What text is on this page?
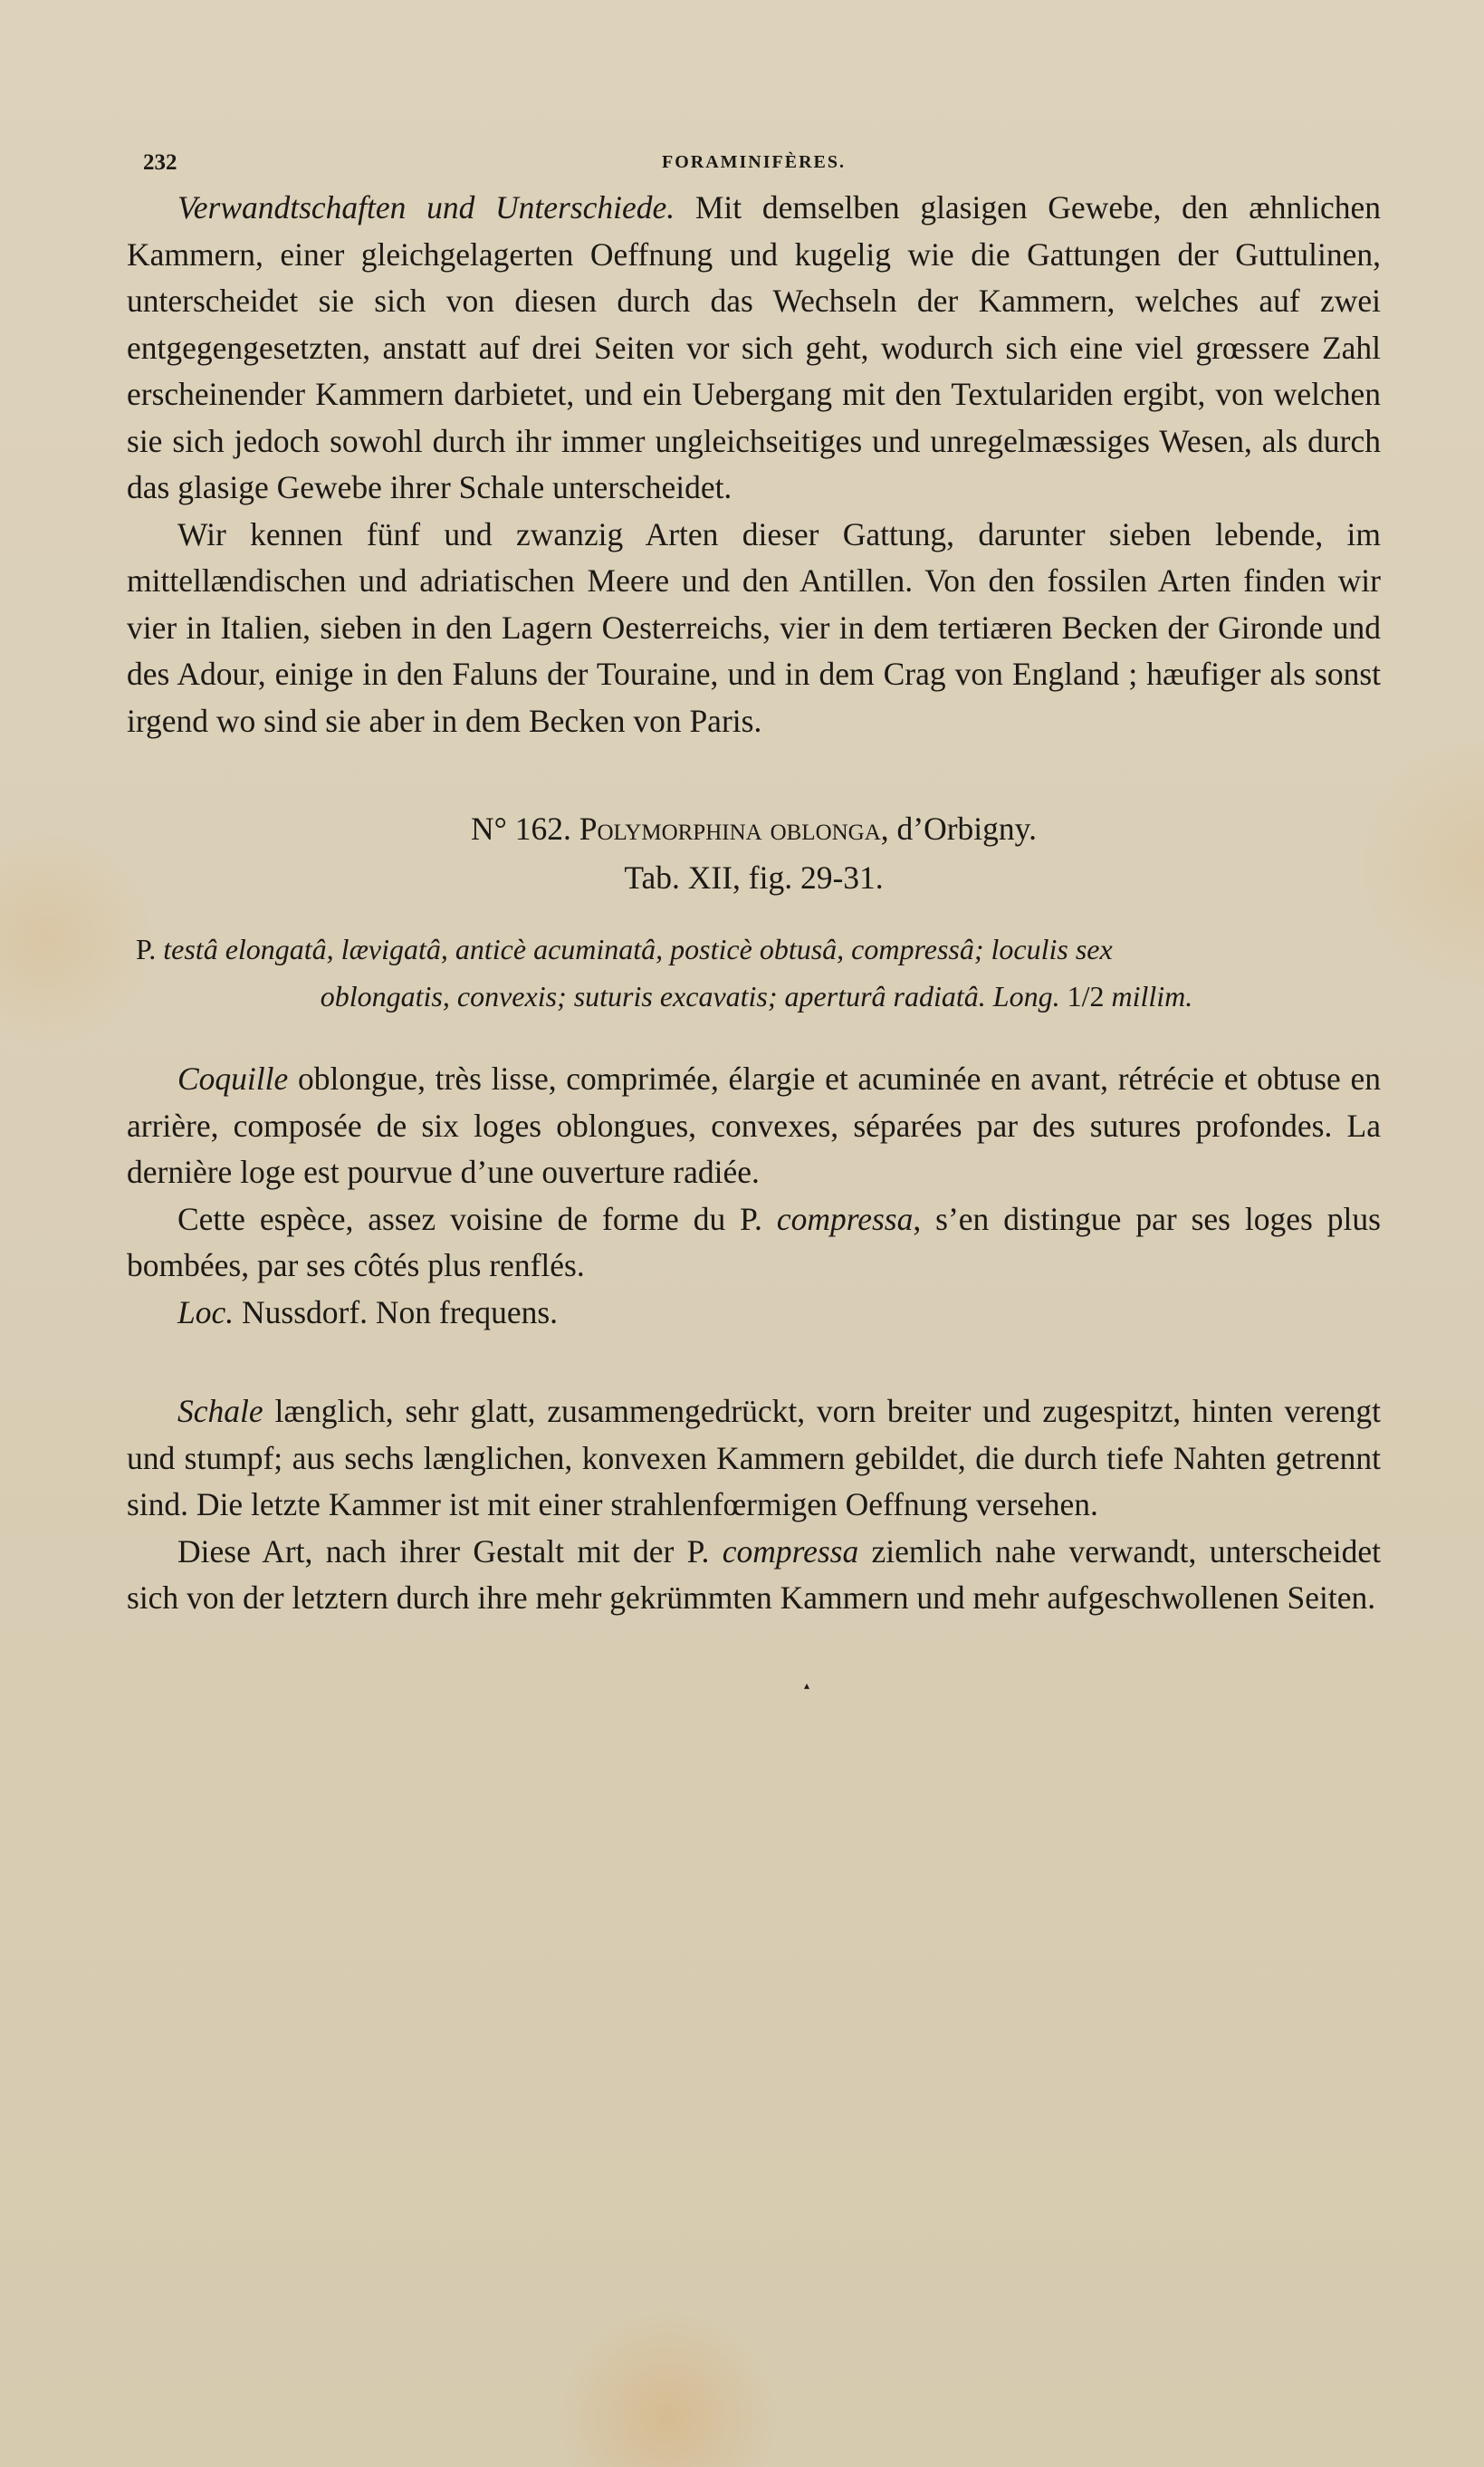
232	FORAMINIFÈRES.

Verwandtschaften und Unterschiede. Mit demselben glasigen Gewebe, den æhnlichen Kammern, einer gleichgelagerten Oeffnung und kugelig wie die Gattungen der Guttulinen, unterscheidet sie sich von diesen durch das Wechseln der Kammern, welches auf zwei entgegengesetzten, anstatt auf drei Seiten vor sich geht, wodurch sich eine viel grœssere Zahl erscheinender Kammern darbietet, und ein Uebergang mit den Textulariden ergibt, von welchen sie sich jedoch sowohl durch ihr immer ungleichseitiges und unregelmæssiges Wesen, als durch das glasige Gewebe ihrer Schale unterscheidet.

Wir kennen fünf und zwanzig Arten dieser Gattung, darunter sieben lebende, im mittellændischen und adriatischen Meere und den Antillen. Von den fossilen Arten finden wir vier in Italien, sieben in den Lagern Oesterreichs, vier in dem tertiæren Becken der Gironde und des Adour, einige in den Faluns der Touraine, und in dem Crag von England ; hæufiger als sonst irgend wo sind sie aber in dem Becken von Paris.

N° 162. Polymorphina oblonga, d’Orbigny.
Tab. XII, fig. 29-31.
P. testâ elongatâ, lævigatâ, anticè acuminatâ, posticè obtusâ, compressâ; loculis sex
oblongatis, convexis; suturis excavatis; aperturâ radiatâ. Long. 1/2 millim.

Coquille oblongue, très lisse, comprimée, élargie et acuminée en avant, rétrécie et obtuse en arrière, composée de six loges oblongues, convexes, séparées par des sutures profondes. La dernière loge est pourvue d’une ouverture radiée.

Cette espèce, assez voisine de forme du P. compressa, s’en distingue par ses loges plus bombées, par ses côtés plus renflés.

Loc. Nussdorf. Non frequens.

Schale længlich, sehr glatt, zusammengedrückt, vorn breiter und zugespitzt, hinten verengt und stumpf; aus sechs længlichen, konvexen Kammern gebildet, die durch tiefe Nahten getrennt sind. Die letzte Kammer ist mit einer strahlenfœrmigen Oeffnung versehen.

Diese Art, nach ihrer Gestalt mit der P. compressa ziemlich nahe verwandt, unterscheidet sich von der letztern durch ihre mehr gekrümmten Kammern und mehr aufgeschwollenen Seiten.

▴
